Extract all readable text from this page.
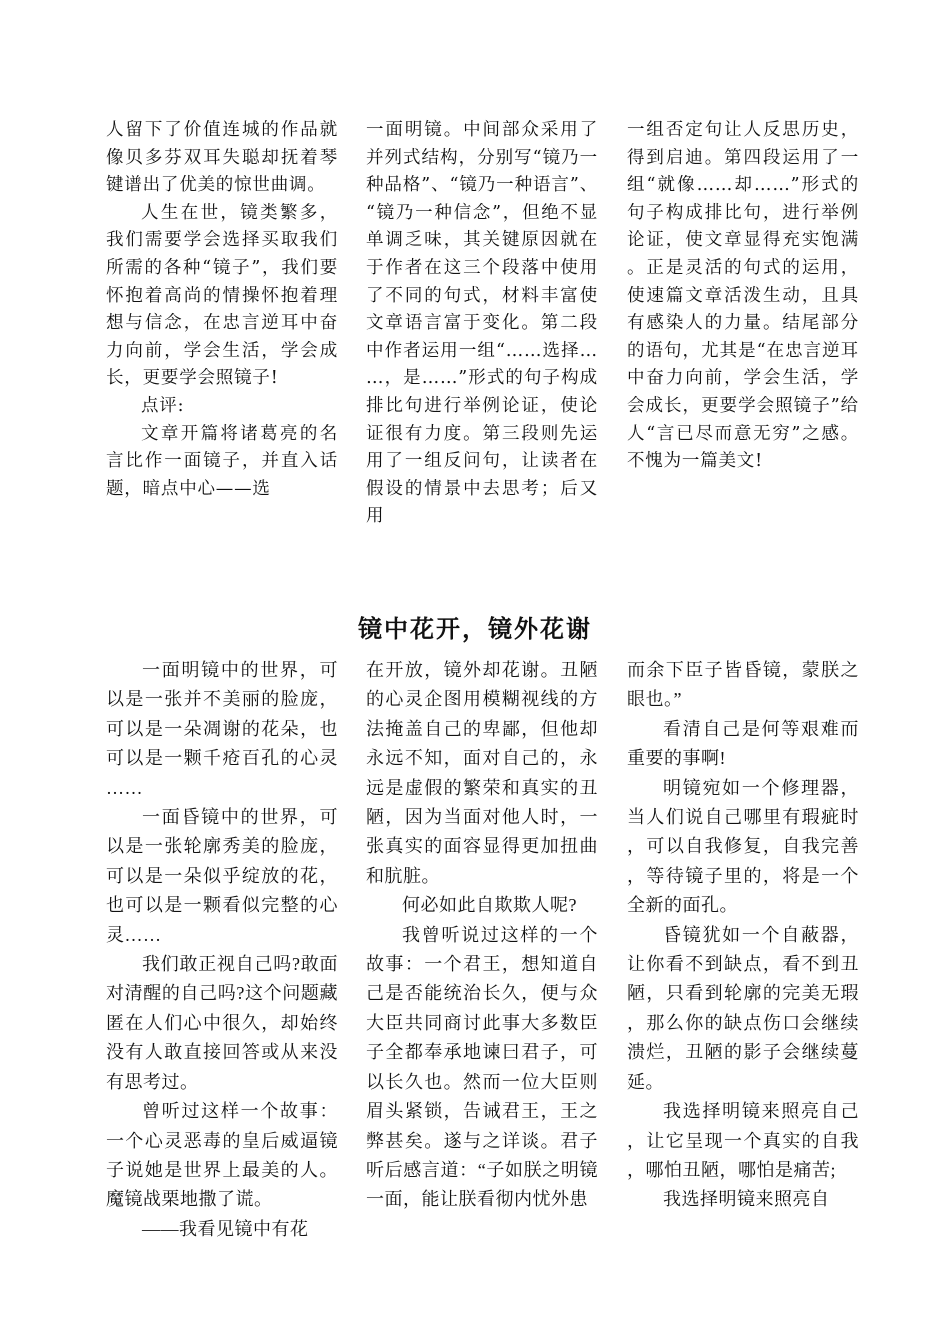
人留下了价值连城的作品就像贝多芬双耳失聪却抚着琴键谱出了优美的惊世曲调。

人生在世，镜类繁多，我们需要学会选择买取我们所需的各种“镜子”，我们要怀抱着高尚的情操怀抱着理想与信念，在忠言逆耳中奋力向前，学会生活，学会成长，更要学会照镜子!

点评:

文章开篇将诸葛亮的名言比作一面镜子，并直入话题，暗点中心——选

一面明镜。中间部众采用了并列式结构，分别写“镜乃一种品格”、“镜乃一种语言”、“镜乃一种信念”，但绝不显单调乏味，其关键原因就在于作者在这三个段落中使用了不同的句式，材料丰富使文章语言富于变化。第二段中作者运用一组“……选择……，是……”形式的句子构成排比句进行举例论证，使论证很有力度。第三段则先运用了一组反问句，让读者在假设的情景中去思考；后又用

一组否定句让人反思历史，得到启迪。第四段运用了一组“就像……却……”形式的句子构成排比句，进行举例论证，使文章显得充实饱满。正是灵活的句式的运用，使速篇文章活泼生动，且具有感染人的力量。结尾部分的语句，尤其是“在忠言逆耳中奋力向前，学会生活，学会成长，更要学会照镜子”给人“言已尽而意无穷”之感。不愧为一篇美文!

镜中花开，镜外花谢

一面明镜中的世界，可以是一张并不美丽的脸庞，可以是一朵凋谢的花朵，也可以是一颗千疮百孔的心灵……

一面昏镜中的世界，可以是一张轮廓秀美的脸庞，可以是一朵似乎绽放的花，也可以是一颗看似完整的心灵……

我们敢正视自己吗?敢面对清醒的自己吗?这个问题藏匿在人们心中很久，却始终没有人敢直接回答或从来没有思考过。

曾听过这样一个故事：一个心灵恶毒的皇后威逼镜子说她是世界上最美的人。魔镜战栗地撒了谎。

——我看见镜中有花

在开放，镜外却花谢。丑陋的心灵企图用模糊视线的方法掩盖自己的卑鄙，但他却永远不知，面对自己的，永远是虚假的繁荣和真实的丑陋，因为当面对他人时，一张真实的面容显得更加扭曲和肮脏。

何必如此自欺欺人呢?

我曾听说过这样的一个故事：一个君王，想知道自己是否能统治长久，便与众大臣共同商讨此事大多数臣子全都奉承地谏曰君子，可以长久也。然而一位大臣则眉头紧锁，告诫君王，王之弊甚矣。遂与之详谈。君子听后感言道：“子如朕之明镜一面，能让朕看彻内忧外患

而余下臣子皆昏镜，蒙朕之眼也。”

看清自己是何等艰难而重要的事啊!

明镜宛如一个修理器，当人们说自己哪里有瑕疵时，可以自我修复，自我完善，等待镜子里的，将是一个全新的面孔。

昏镜犹如一个自蔽器，让你看不到缺点，看不到丑陋，只看到轮廓的完美无瑕，那么你的缺点伤口会继续溃烂，丑陋的影子会继续蔓延。

我选择明镜来照亮自己，让它呈现一个真实的自我，哪怕丑陋，哪怕是痛苦;

我选择明镜来照亮自
